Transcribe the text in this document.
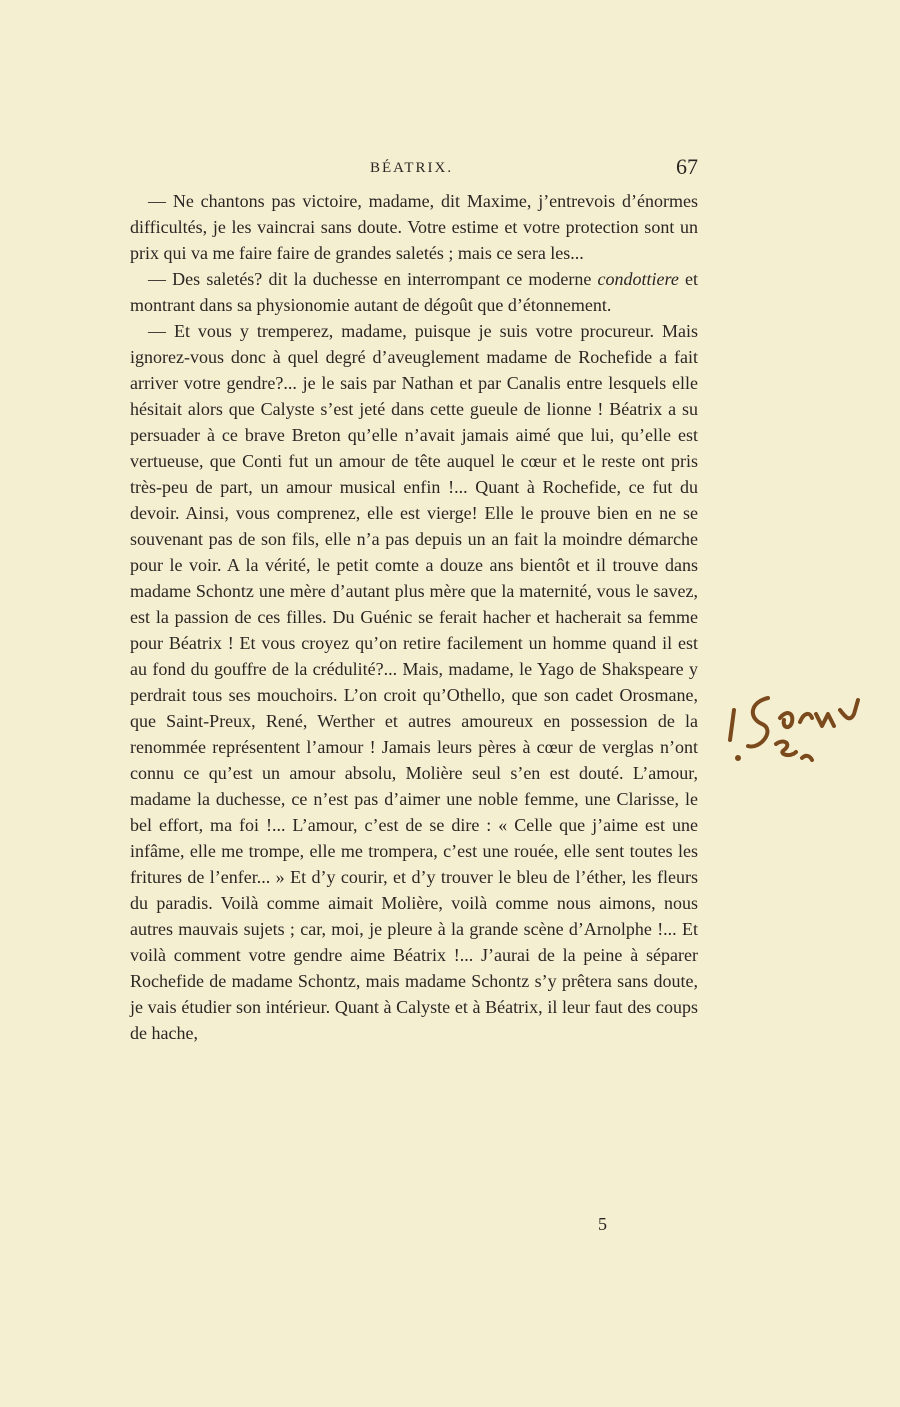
BÉATRIX.	67

— Ne chantons pas victoire, madame, dit Maxime, j’entrevois d’énormes difficultés, je les vaincrai sans doute. Votre estime et votre protection sont un prix qui va me faire faire de grandes saletés ; mais ce sera les...

— Des saletés? dit la duchesse en interrompant ce moderne condottiere et montrant dans sa physionomie autant de dégoût que d’étonnement.

— Et vous y tremperez, madame, puisque je suis votre procureur. Mais ignorez-vous donc à quel degré d’aveuglement madame de Rochefide a fait arriver votre gendre?... je le sais par Nathan et par Canalis entre lesquels elle hésitait alors que Calyste s’est jeté dans cette gueule de lionne ! Béatrix a su persuader à ce brave Breton qu’elle n’avait jamais aimé que lui, qu’elle est vertueuse, que Conti fut un amour de tête auquel le cœur et le reste ont pris très-peu de part, un amour musical enfin !... Quant à Rochefide, ce fut du devoir. Ainsi, vous comprenez, elle est vierge! Elle le prouve bien en ne se souvenant pas de son fils, elle n’a pas depuis un an fait la moindre démarche pour le voir. A la vérité, le petit comte a douze ans bientôt et il trouve dans madame Schontz une mère d’autant plus mère que la maternité, vous le savez, est la passion de ces filles. Du Guénic se ferait hacher et hacherait sa femme pour Béatrix ! Et vous croyez qu’on retire facilement un homme quand il est au fond du gouffre de la crédulité?... Mais, madame, le Yago de Shakspeare y perdrait tous ses mouchoirs. L’on croit qu’Othello, que son cadet Orosmane, que Saint-Preux, René, Werther et autres amoureux en possession de la renommée représentent l’amour ! Jamais leurs pères à cœur de verglas n’ont connu ce qu’est un amour absolu, Molière seul s’en est douté. L’amour, madame la duchesse, ce n’est pas d’aimer une noble femme, une Clarisse, le bel effort, ma foi !... L’amour, c’est de se dire : « Celle que j’aime est une infâme, elle me trompe, elle me trompera, c’est une rouée, elle sent toutes les fritures de l’enfer... » Et d’y courir, et d’y trouver le bleu de l’éther, les fleurs du paradis. Voilà comme aimait Molière, voilà comme nous aimons, nous autres mauvais sujets ; car, moi, je pleure à la grande scène d’Arnolphe !... Et voilà comment votre gendre aime Béatrix !... J’aurai de la peine à séparer Rochefide de madame Schontz, mais madame Schontz s’y prêtera sans doute, je vais étudier son intérieur. Quant à Calyste et à Béatrix, il leur faut des coups de hache,

5
